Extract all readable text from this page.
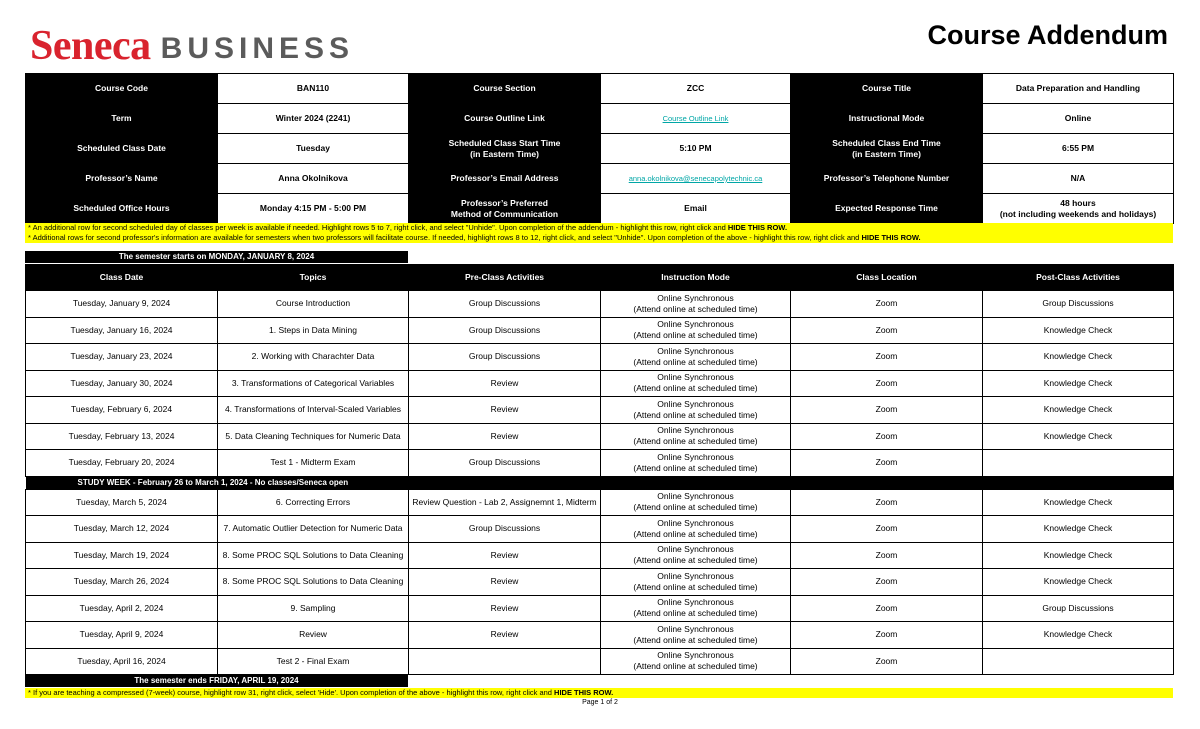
Seneca BUSINESS	Course Addendum
Course Code	BAN110	Course Section	ZCC	Course Title	Data Preparation and Handling
Term	Winter 2024 (2241)	Course Outline Link	Course Outline Link	Instructional Mode	Online
Scheduled Class Date	Tuesday	Scheduled Class Start Time
(in Eastern Time)	5:10 PM	Scheduled Class End Time
(in Eastern Time)	6:55 PM
Professor’s Name	Anna Okolnikova	Professor’s Email Address	anna.okolnikova@senecapolytechnic.ca	Professor’s Telephone Number	N/A
Scheduled Office Hours	Monday 4:15 PM - 5:00 PM	Professor’s Preferred
Method of Communication	Email	Expected Response Time	48 hours
(not including weekends and holidays)
* An additional row for second scheduled day of classes per week is available if needed. Highlight rows 5 to 7, right click, and select "Unhide". Upon completion of the addendum - highlight this row, right click and HIDE THIS ROW.
* Additional rows for second professor's information are available for semesters when two professors will facilitate course. If needed, highlight rows 8 to 12, right click, and select "Unhide". Upon completion of the above - highlight this row, right click and HIDE THIS ROW.
The semester starts on MONDAY, JANUARY 8, 2024
Class Date	Topics	Pre-Class Activities	Instruction Mode	Class Location	Post-Class Activities
Tuesday, January 9, 2024	Course Introduction	Group Discussions	Online Synchronous
(Attend online at scheduled time)	Zoom	Group Discussions
Tuesday, January 16, 2024	1. Steps in Data Mining	Group Discussions	Online Synchronous
(Attend online at scheduled time)	Zoom	Knowledge Check
Tuesday, January 23, 2024	2. Working with Charachter Data	Group Discussions	Online Synchronous
(Attend online at scheduled time)	Zoom	Knowledge Check
Tuesday, January 30, 2024	3. Transformations of Categorical Variables	Review	Online Synchronous
(Attend online at scheduled time)	Zoom	Knowledge Check
Tuesday, February 6, 2024	4. Transformations of Interval-Scaled Variables	Review	Online Synchronous
(Attend online at scheduled time)	Zoom	Knowledge Check
Tuesday, February 13, 2024	5. Data Cleaning Techniques for Numeric Data	Review	Online Synchronous
(Attend online at scheduled time)	Zoom	Knowledge Check
Tuesday, February 20, 2024	Test 1 - Midterm Exam	Group Discussions	Online Synchronous
(Attend online at scheduled time)	Zoom	
STUDY WEEK - February 26 to March 1, 2024 - No classes/Seneca open					
Tuesday, March 5, 2024	6. Correcting Errors	Review Question - Lab 2, Assignemnt 1, Midterm	Online Synchronous
(Attend online at scheduled time)	Zoom	Knowledge Check
Tuesday, March 12, 2024	7. Automatic Outlier Detection for Numeric Data	Group Discussions	Online Synchronous
(Attend online at scheduled time)	Zoom	Knowledge Check
Tuesday, March 19, 2024	8. Some PROC SQL Solutions to Data Cleaning	Review	Online Synchronous
(Attend online at scheduled time)	Zoom	Knowledge Check
Tuesday, March 26, 2024	8. Some PROC SQL Solutions to Data Cleaning	Review	Online Synchronous
(Attend online at scheduled time)	Zoom	Knowledge Check
Tuesday, April 2, 2024	9. Sampling	Review	Online Synchronous
(Attend online at scheduled time)	Zoom	Group Discussions
Tuesday, April 9, 2024	Review	Review	Online Synchronous
(Attend online at scheduled time)	Zoom	Knowledge Check
Tuesday, April 16, 2024	Test 2 - Final Exam		Online Synchronous
(Attend online at scheduled time)	Zoom	
The semester ends FRIDAY, APRIL 19, 2024
* If you are teaching a compressed (7-week) course, highlight row 31, right click, select 'Hide'. Upon completion of the above - highlight this row, right click and HIDE THIS ROW.
Page 1 of 2
